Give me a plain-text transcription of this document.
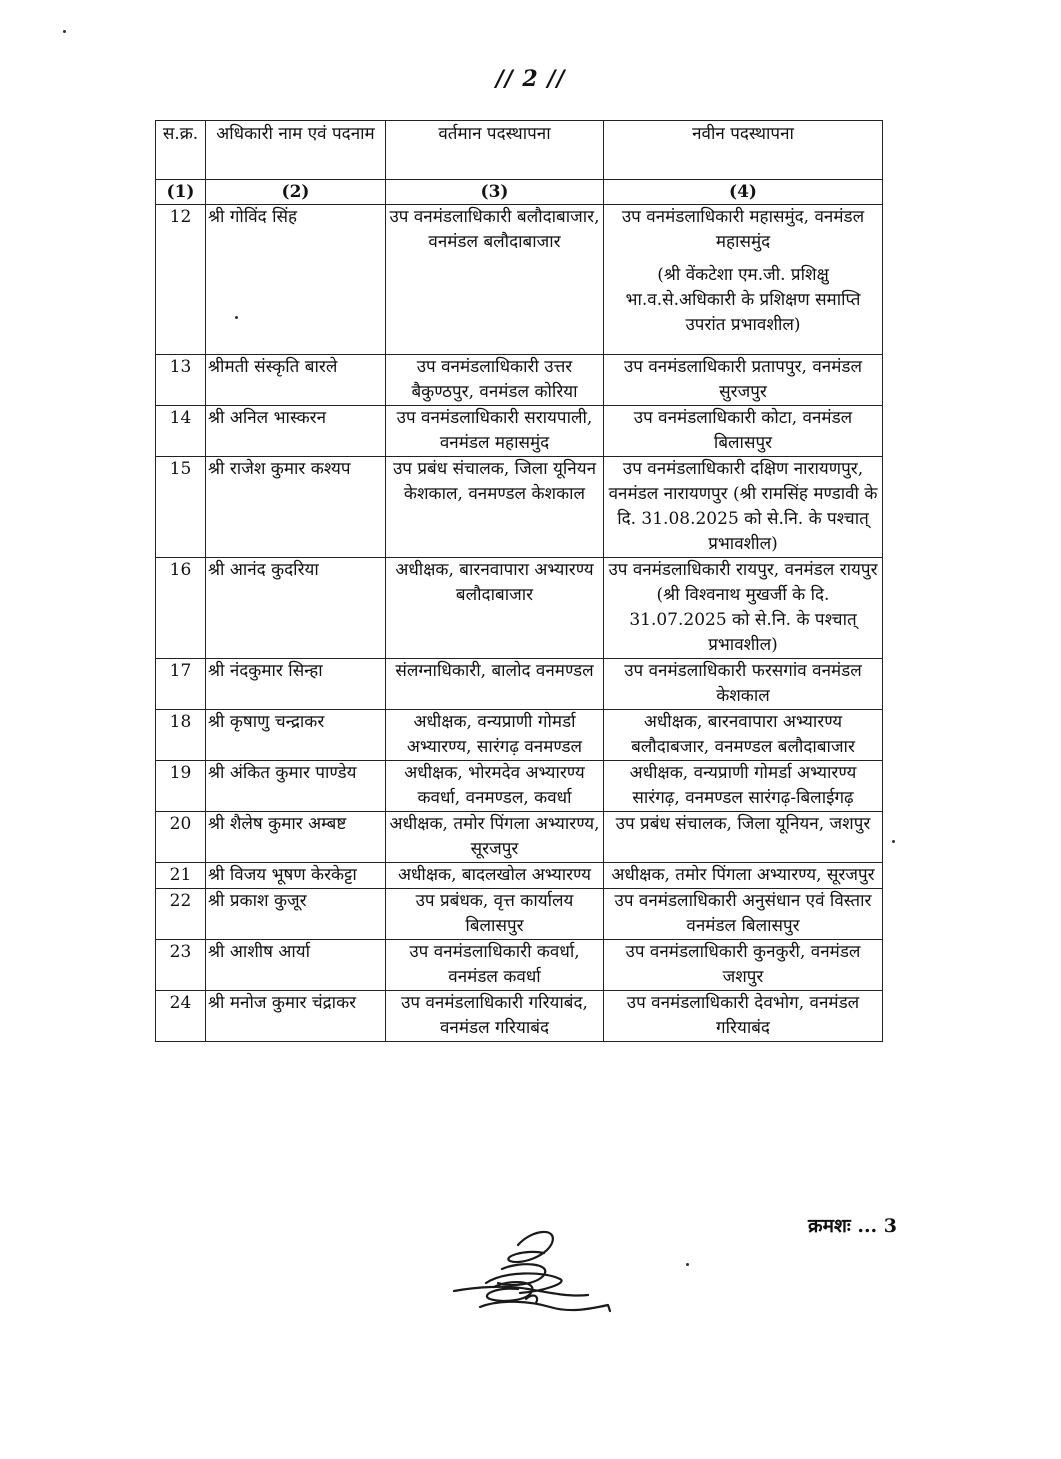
// 2 //
स.क्र.	अधिकारी नाम एवं पदनाम	वर्तमान पदस्थापना	नवीन पदस्थापना
(1)	(2)	(3)	(4)
12	श्री गोविंद सिंह	उप वनमंडलाधिकारी बलौदाबाजार, वनमंडल बलौदाबाजार	उप वनमंडलाधिकारी महासमुंद, वनमंडल महासमुंद
(श्री वेंकटेशा एम.जी. प्रशिक्षु भा.व.से.अधिकारी के प्रशिक्षण समाप्ति उपरांत प्रभावशील)

13	श्रीमती संस्कृति बारले	उप वनमंडलाधिकारी उत्तर बैकुण्ठपुर, वनमंडल कोरिया	उप वनमंडलाधिकारी प्रतापपुर, वनमंडल सुरजपुर
14	श्री अनिल भास्करन	उप वनमंडलाधिकारी सरायपाली, वनमंडल महासमुंद	उप वनमंडलाधिकारी कोटा, वनमंडल बिलासपुर
15	श्री राजेश कुमार कश्यप	उप प्रबंध संचालक, जिला यूनियन केशकाल, वनमण्डल केशकाल	उप वनमंडलाधिकारी दक्षिण नारायणपुर, वनमंडल नारायणपुर (श्री रामसिंह मण्डावी के दि. 31.08.2025 को से.नि. के पश्चात् प्रभावशील)
16	श्री आनंद कुदरिया	अधीक्षक, बारनवापारा अभ्यारण्य बलौदाबाजार	उप वनमंडलाधिकारी रायपुर, वनमंडल रायपुर (श्री विश्वनाथ मुखर्जी के दि. 31.07.2025 को से.नि. के पश्चात् प्रभावशील)
17	श्री नंदकुमार सिन्हा	संलग्नाधिकारी, बालोद वनमण्डल	उप वनमंडलाधिकारी फरसगांव वनमंडल केशकाल
18	श्री कृषाणु चन्द्राकर	अधीक्षक, वन्यप्राणी गोमर्डा अभ्यारण्य, सारंगढ़ वनमण्डल	अधीक्षक, बारनवापारा अभ्यारण्य बलौदाबजार, वनमण्डल बलौदाबाजार
19	श्री अंकित कुमार पाण्डेय	अधीक्षक, भोरमदेव अभ्यारण्य कवर्धा, वनमण्डल, कवर्धा	अधीक्षक, वन्यप्राणी गोमर्डा अभ्यारण्य सारंगढ़, वनमण्डल सारंगढ़-बिलाईगढ़
20	श्री शैलेष कुमार अम्बष्ट	अधीक्षक, तमोर पिंगला अभ्यारण्य, सूरजपुर	उप प्रबंध संचालक, जिला यूनियन, जशपुर
21	श्री विजय भूषण केरकेट्टा	अधीक्षक, बादलखोल अभ्यारण्य	अधीक्षक, तमोर पिंगला अभ्यारण्य, सूरजपुर
22	श्री प्रकाश कुजूर	उप प्रबंधक, वृत्त कार्यालय बिलासपुर	उप वनमंडलाधिकारी अनुसंधान एवं विस्तार वनमंडल बिलासपुर
23	श्री आशीष आर्या	उप वनमंडलाधिकारी कवर्धा, वनमंडल कवर्धा	उप वनमंडलाधिकारी कुनकुरी, वनमंडल जशपुर
24	श्री मनोज कुमार चंद्राकर	उप वनमंडलाधिकारी गरियाबंद, वनमंडल गरियाबंद	उप वनमंडलाधिकारी देवभोग, वनमंडल गरियाबंद
क्रमशः ... 3
